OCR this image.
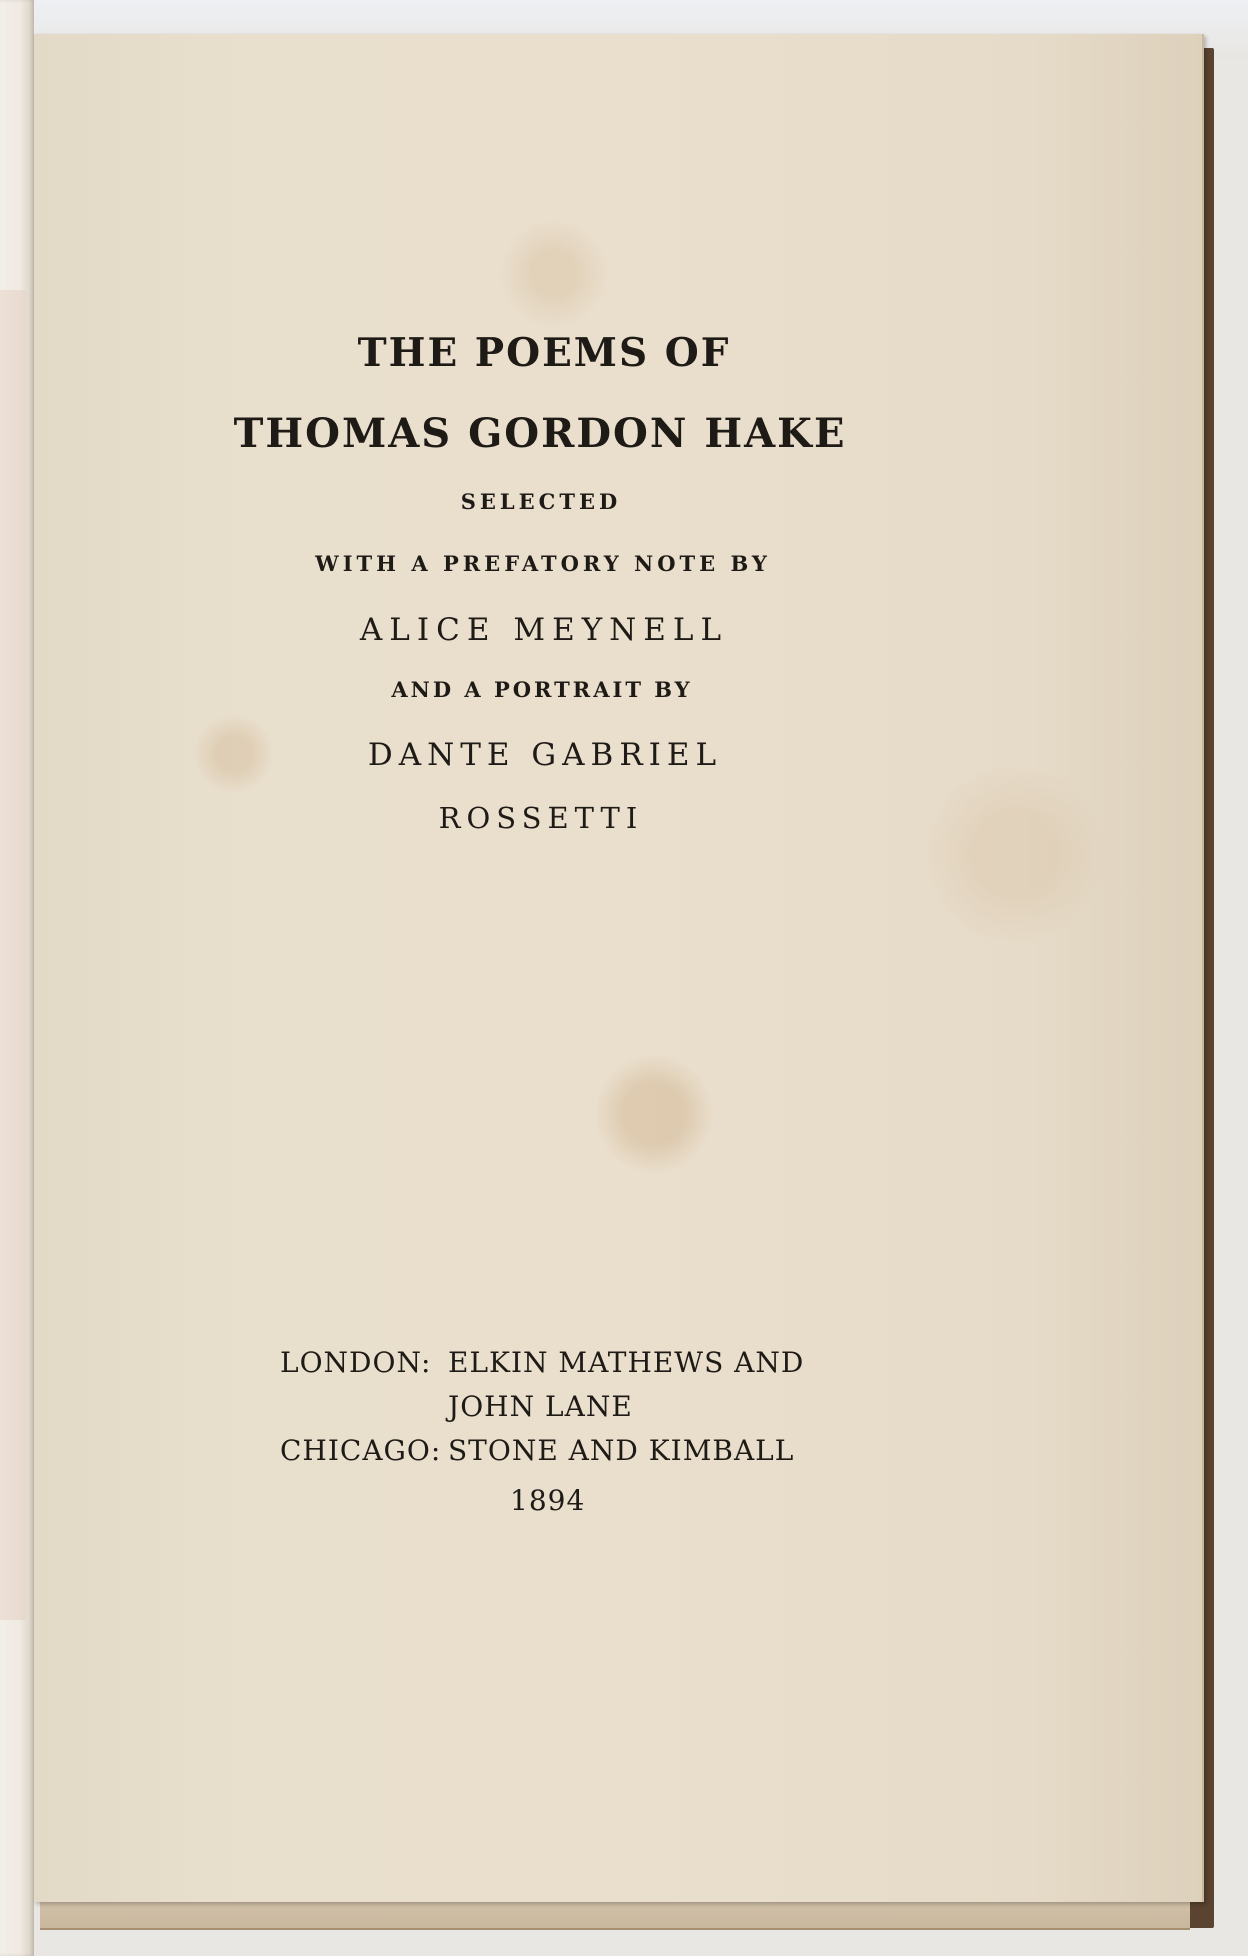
THE POEMS OF
THOMAS GORDON HAKE
SELECTED
WITH A PREFATORY NOTE BY
ALICE MEYNELL
AND A PORTRAIT BY
DANTE GABRIEL
ROSSETTI
LONDON: ELKIN MATHEWS AND
JOHN LANE
CHICAGO: STONE AND KIMBALL
1894
